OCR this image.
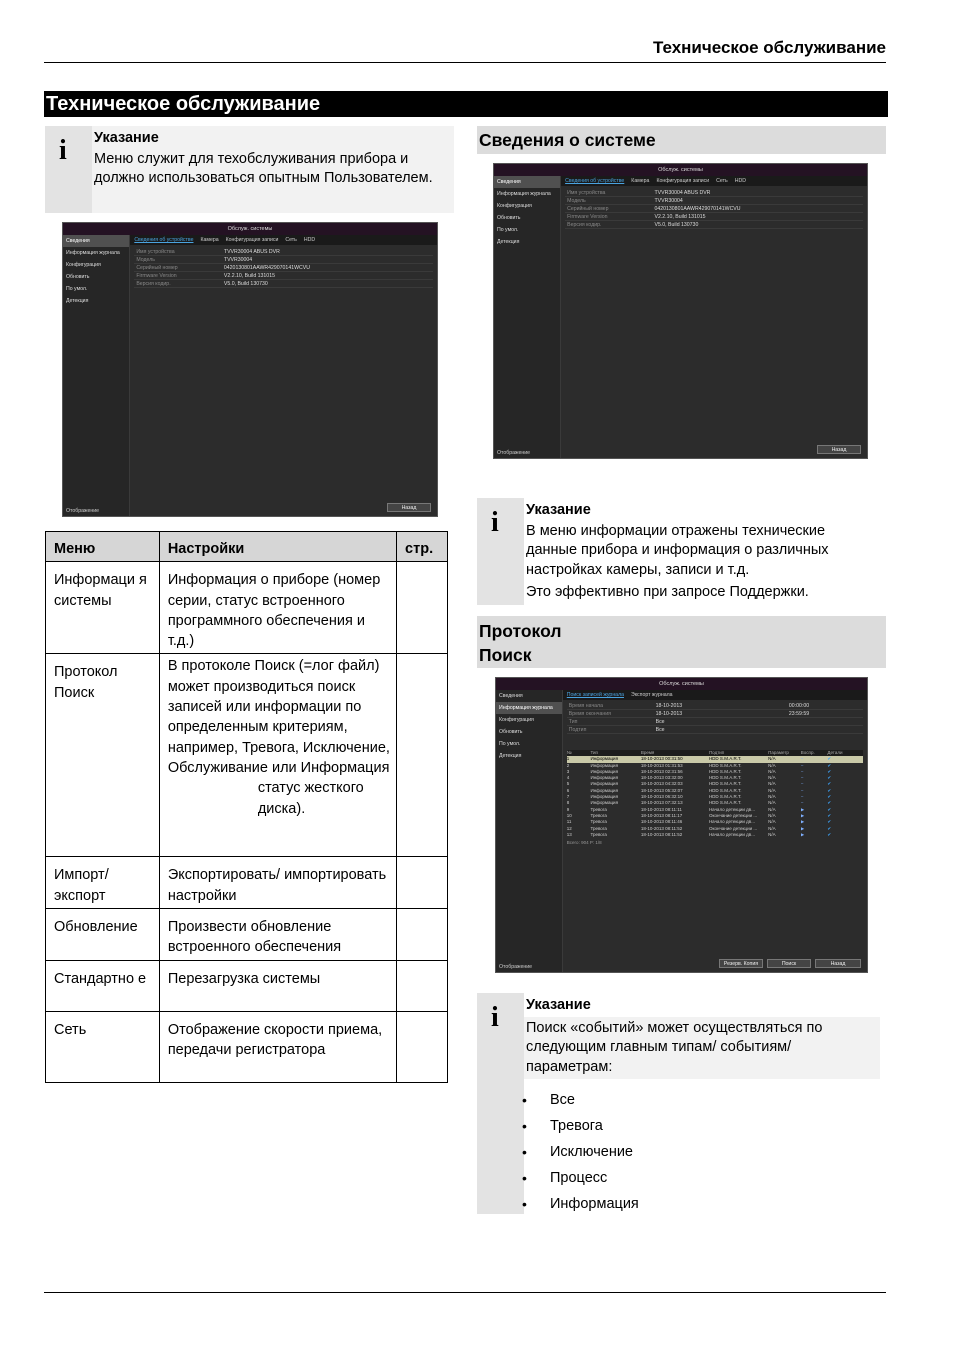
Техническое обслуживание
Техническое обслуживание
i Указание

Меню служит для техобслуживания прибора и должно использоваться опытным Пользователем.

Обслуж. системы
Сведения
Информация журнала
Конфигурация
Обновить
По умол.
Детекция
Отображение
Сведения об устройстве Камера Конфигурация записи Сеть HDD
Имя устройства	TVVR30004 ABUS DVR
Модель	TVVR30004
Серийный номер	0420130801AAWR429070141WCVU
Firmware Version	V2.2.10, Build 131015
Версия кодир.	V5.0, Build 130730
Назад
Меню	Настройки	стр.
Информаци я системы	Информация о приборе (номер серии, статус встроенного программного обеспечения и т.д.)	
Протокол Поиск	В протоколе Поиск (=лог файл) может производиться поиск записей или информации по определенным критериям, например, Тревога, Исключение, Обслуживание или Информация
статус жесткого диска).	

Импорт/ экспорт	Экспортировать/ импортировать настройки	
Обновление	Произвести обновление встроенного обеспечения	
Стандартно е	Перезагрузка системы	
Сеть	Отображение скорости приема, передачи регистратора	
Сведения о системе
Обслуж. системы
Сведения
Информация журнала
Конфигурация
Обновить
По умол.
Детекция
Отображение
Сведения об устройстве Камера Конфигурация записи Сеть HDD
Имя устройства	TVVR30004 ABUS DVR
Модель	TVVR30004
Серийный номер	0420130801AAWR429070141WCVU
Firmware Version	V2.2.10, Build 131015
Версия кодир.	V5.0, Build 130730
Назад
i Указание

В меню информации отражены технические данные прибора и информация о различных настройках камеры, записи и т.д.

Это эффективно при запросе Поддержки.

Протокол
Поиск
Обслуж. системы
Сведения
Информация журнала
Конфигурация
Обновить
По умол.
Детекция
Отображение
Поиск записей журнала Экспорт журнала
Время начала	18-10-2013	00:00:00
Время окончания	18-10-2013	23:59:59
Тип	Все
Подтип	Все
№	Тип	Время	Подтип	Параметр	Воспр.	Детали
1	Информация	18-10-2013 00:31:50	HDD S.M.A.R.T.	N/A	–	✔
2	Информация	18-10-2013 01:31:53	HDD S.M.A.R.T.	N/A	–	✔
3	Информация	18-10-2013 02:31:56	HDD S.M.A.R.T.	N/A	–	✔
4	Информация	18-10-2013 03:32:00	HDD S.M.A.R.T.	N/A	–	✔
5	Информация	18-10-2013 04:32:03	HDD S.M.A.R.T.	N/A	–	✔
6	Информация	18-10-2013 05:32:07	HDD S.M.A.R.T.	N/A	–	✔
7	Информация	18-10-2013 06:32:10	HDD S.M.A.R.T.	N/A	–	✔
8	Информация	18-10-2013 07:32:13	HDD S.M.A.R.T.	N/A	–	✔
9	Тревога	18-10-2013 08:11:11	Начало детекции дв...	N/A	▶	✔
10	Тревога	18-10-2013 08:11:17	Окончание детекции ...	N/A	▶	✔
11	Тревога	18-10-2013 08:11:46	Начало детекции дв...	N/A	▶	✔
12	Тревога	18-10-2013 08:11:52	Окончание детекции ...	N/A	▶	✔
13	Тревога	18-10-2013 08:11:52	Начало детекции дв...	N/A	▶	✔
Всего: 904 P: 1/8
Резерв. Копия	Поиск	Назад
i Указание

Поиск «событий» может осуществляться по следующим главным типам/ событиям/ параметрам:

•	Все
•	Тревога
•	Исключение
•	Процесс
•	Информация
